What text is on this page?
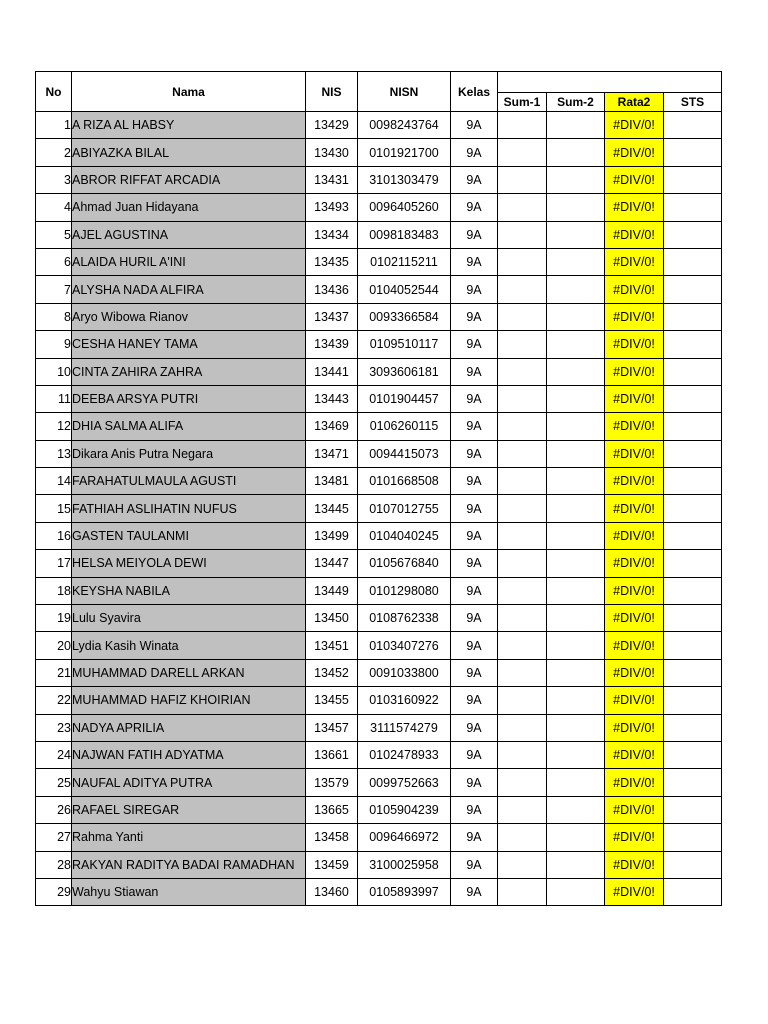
No	Nama	NIS	NISN	Kelas				
					Sum-1	Sum-2	Rata2	STS
1	A RIZA AL HABSY	13429	0098243764	9A			#DIV/0!	
2	ABIYAZKA BILAL	13430	0101921700	9A			#DIV/0!	
3	ABROR RIFFAT ARCADIA	13431	3101303479	9A			#DIV/0!	
4	Ahmad Juan Hidayana	13493	0096405260	9A			#DIV/0!	
5	AJEL AGUSTINA	13434	0098183483	9A			#DIV/0!	
6	ALAIDA HURIL A'INI	13435	0102115211	9A			#DIV/0!	
7	ALYSHA NADA ALFIRA	13436	0104052544	9A			#DIV/0!	
8	Aryo Wibowa Rianov	13437	0093366584	9A			#DIV/0!	
9	CESHA HANEY TAMA	13439	0109510117	9A			#DIV/0!	
10	CINTA ZAHIRA ZAHRA	13441	3093606181	9A			#DIV/0!	
11	DEEBA ARSYA PUTRI	13443	0101904457	9A			#DIV/0!	
12	DHIA SALMA ALIFA	13469	0106260115	9A			#DIV/0!	
13	Dikara Anis Putra Negara	13471	0094415073	9A			#DIV/0!	
14	FARAHATULMAULA AGUSTI	13481	0101668508	9A			#DIV/0!	
15	FATHIAH ASLIHATIN NUFUS	13445	0107012755	9A			#DIV/0!	
16	GASTEN TAULANMI	13499	0104040245	9A			#DIV/0!	
17	HELSA MEIYOLA DEWI	13447	0105676840	9A			#DIV/0!	
18	KEYSHA NABILA	13449	0101298080	9A			#DIV/0!	
19	Lulu Syavira	13450	0108762338	9A			#DIV/0!	
20	Lydia Kasih Winata	13451	0103407276	9A			#DIV/0!	
21	MUHAMMAD DARELL ARKAN	13452	0091033800	9A			#DIV/0!	
22	MUHAMMAD HAFIZ KHOIRIAN	13455	0103160922	9A			#DIV/0!	
23	NADYA APRILIA	13457	3111574279	9A			#DIV/0!	
24	NAJWAN FATIH ADYATMA	13661	0102478933	9A			#DIV/0!	
25	NAUFAL ADITYA PUTRA	13579	0099752663	9A			#DIV/0!	
26	RAFAEL SIREGAR	13665	0105904239	9A			#DIV/0!	
27	Rahma Yanti	13458	0096466972	9A			#DIV/0!	
28	RAKYAN RADITYA BADAI RAMADHAN	13459	3100025958	9A			#DIV/0!	
29	Wahyu Stiawan	13460	0105893997	9A			#DIV/0!	
